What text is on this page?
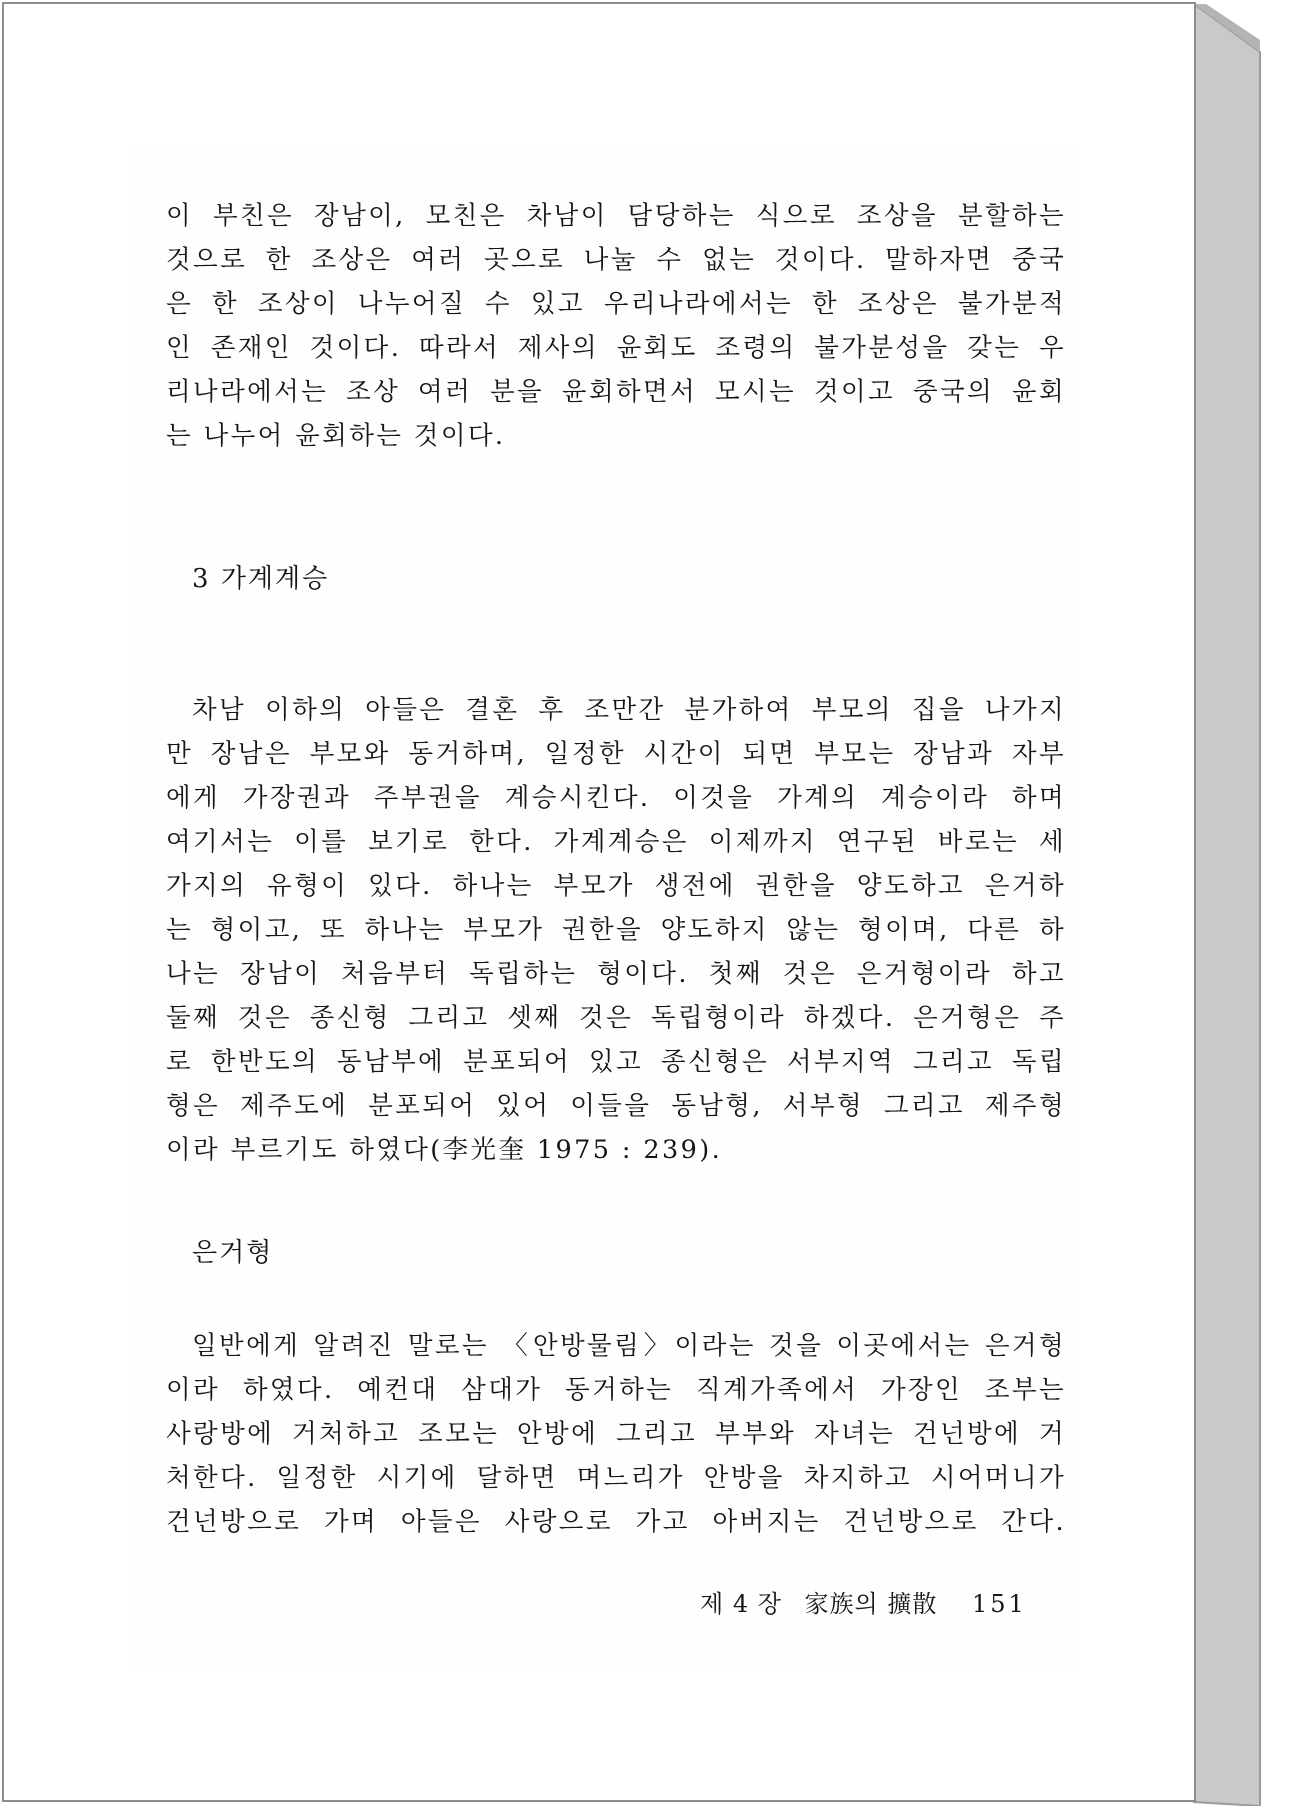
이 부친은 장남이, 모친은 차남이 담당하는 식으로 조상을 분할하는
것으로 한 조상은 여러 곳으로 나눌 수 없는 것이다. 말하자면 중국
은 한 조상이 나누어질 수 있고 우리나라에서는 한 조상은 불가분적
인 존재인 것이다. 따라서 제사의 윤회도 조령의 불가분성을 갖는 우
리나라에서는 조상 여러 분을 윤회하면서 모시는 것이고 중국의 윤회
는 나누어 윤회하는 것이다.

3 가계계승

차남 이하의 아들은 결혼 후 조만간 분가하여 부모의 집을 나가지
만 장남은 부모와 동거하며, 일정한 시간이 되면 부모는 장남과 자부
에게 가장권과 주부권을 계승시킨다. 이것을 가계의 계승이라 하며
여기서는 이를 보기로 한다. 가계계승은 이제까지 연구된 바로는 세
가지의 유형이 있다. 하나는 부모가 생전에 권한을 양도하고 은거하
는 형이고, 또 하나는 부모가 권한을 양도하지 않는 형이며, 다른 하
나는 장남이 처음부터 독립하는 형이다. 첫째 것은 은거형이라 하고
둘째 것은 종신형 그리고 셋째 것은 독립형이라 하겠다. 은거형은 주
로 한반도의 동남부에 분포되어 있고 종신형은 서부지역 그리고 독립
형은 제주도에 분포되어 있어 이들을 동남형, 서부형 그리고 제주형
이라 부르기도 하였다(李光奎 1975 : 239).

은거형

일반에게 알려진 말로는 〈안방물림〉이라는 것을 이곳에서는 은거형
이라 하였다. 예컨대 삼대가 동거하는 직계가족에서 가장인 조부는
사랑방에 거처하고 조모는 안방에 그리고 부부와 자녀는 건넌방에 거
처한다. 일정한 시기에 달하면 며느리가 안방을 차지하고 시어머니가
건넌방으로 가며 아들은 사랑으로 가고 아버지는 건넌방으로 간다.

제 4 장 家族의 擴散 151
